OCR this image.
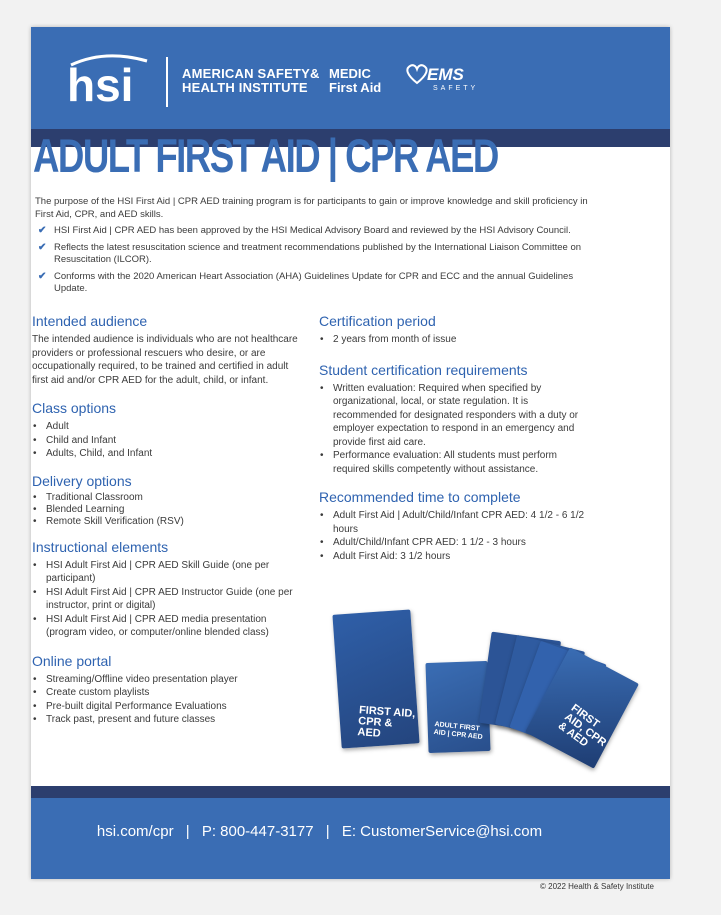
hsi	AMERICAN SAFETY&
HEALTH INSTITUTE
MEDIC
First Aid
EMS
SAFETY
ADULT FIRST AID | CPR AED

The purpose of the HSI First Aid | CPR AED training program is for participants to gain or improve knowledge and skill proficiency in First Aid, CPR, and AED skills.

✔ HSI First Aid | CPR AED has been approved by the HSI Medical Advisory Board and reviewed by the HSI Advisory Council.
✔ Reflects the latest resuscitation science and treatment recommendations published by the International Liaison Committee on Resuscitation (ILCOR).
✔ Conforms with the 2020 American Heart Association (AHA) Guidelines Update for CPR and ECC and the annual Guidelines Update.
Intended audience

The intended audience is individuals who are not healthcare providers or professional rescuers who desire, or are occupationally required, to be trained and certified in adult first aid and/or CPR AED for the adult, child, or infant.

Class options
• Adult
• Child and Infant
• Adults, Child, and Infant
Delivery options
• Traditional Classroom
• Blended Learning
• Remote Skill Verification (RSV)
Instructional elements
• HSI Adult First Aid | CPR AED Skill Guide (one per participant)
• HSI Adult First Aid | CPR AED Instructor Guide (one per instructor, print or digital)
• HSI Adult First Aid | CPR AED media presentation (program video, or computer/online blended class)
Online portal
• Streaming/Offline video presentation player
• Create custom playlists
• Pre-built digital Performance Evaluations
• Track past, present and future classes
Certification period
• 2 years from month of issue
Student certification requirements
• Written evaluation: Required when specified by organizational, local, or state regulation. It is recommended for designated responders with a duty or employer expectation to respond in an emergency and provide first aid care.
• Performance evaluation: All students must perform required skills competently without assistance.
Recommended time to complete
• Adult First Aid | Adult/Child/Infant CPR AED: 4 1/2 - 6 1/2 hours
• Adult/Child/Infant CPR AED: 1 1/2 - 3 hours
• Adult First Aid: 3 1/2 hours
FIRST AID, CPR & AED	ADULT FIRST AID | CPR AED
FIRST AID, CPR & AED
hsi.com/cpr | P: 800-447-3177 | E: CustomerService@hsi.com
© 2022 Health & Safety Institute
